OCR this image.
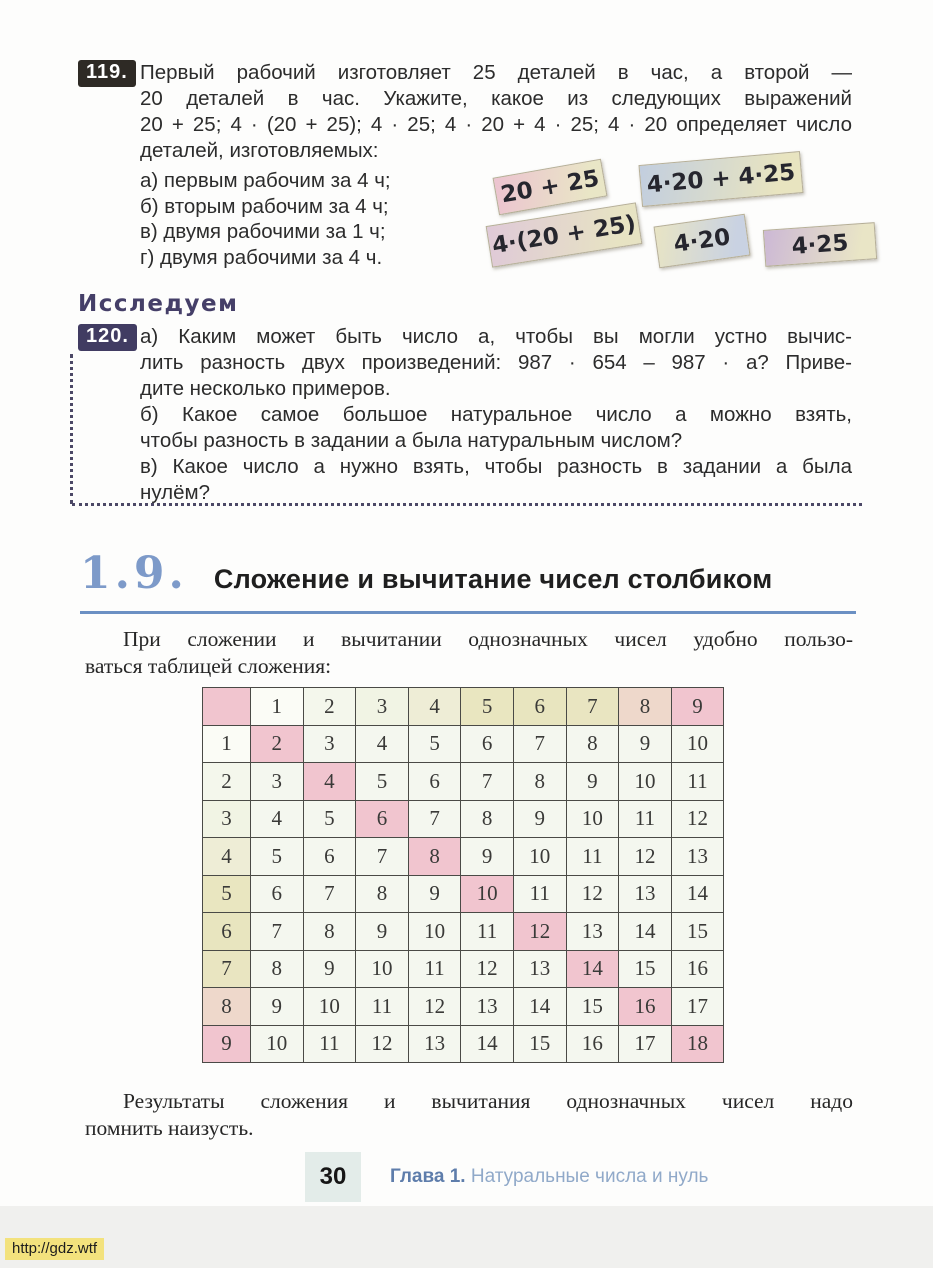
119. Первый рабочий изготовляет 25 деталей в час, а второй —
20 деталей в час. Укажите, какое из следующих выражений
20 + 25; 4 · (20 + 25); 4 · 25; 4 · 20 + 4 · 25; 4 · 20 определяет число
деталей, изготовляемых:
а) первым рабочим за 4 ч;
б) вторым рабочим за 4 ч;
в) двумя рабочими за 1 ч;
г) двумя рабочими за 4 ч.
20 + 25	4·20 + 4·25
4·(20 + 25)	4·20	4·25
Исследуем
120. а) Каким может быть число а, чтобы вы могли устно вычис-
лить разность двух произведений: 987 · 654 – 987 · а? Приве-
дите несколько примеров.
б) Какое самое большое натуральное число а можно взять,
чтобы разность в задании а была натуральным числом?
в) Какое число а нужно взять, чтобы разность в задании а была
нулём?
1.9. Сложение и вычитание чисел столбиком
При сложении и вычитании однозначных чисел удобно пользо-
ваться таблицей сложения:
	1	2	3	4	5	6	7	8	9
1	2	3	4	5	6	7	8	9	10
2	3	4	5	6	7	8	9	10	11
3	4	5	6	7	8	9	10	11	12
4	5	6	7	8	9	10	11	12	13
5	6	7	8	9	10	11	12	13	14
6	7	8	9	10	11	12	13	14	15
7	8	9	10	11	12	13	14	15	16
8	9	10	11	12	13	14	15	16	17
9	10	11	12	13	14	15	16	17	18
Результаты сложения и вычитания однозначных чисел надо
помнить наизусть.
30	Глава 1. Натуральные числа и нуль
http://gdz.wtf
